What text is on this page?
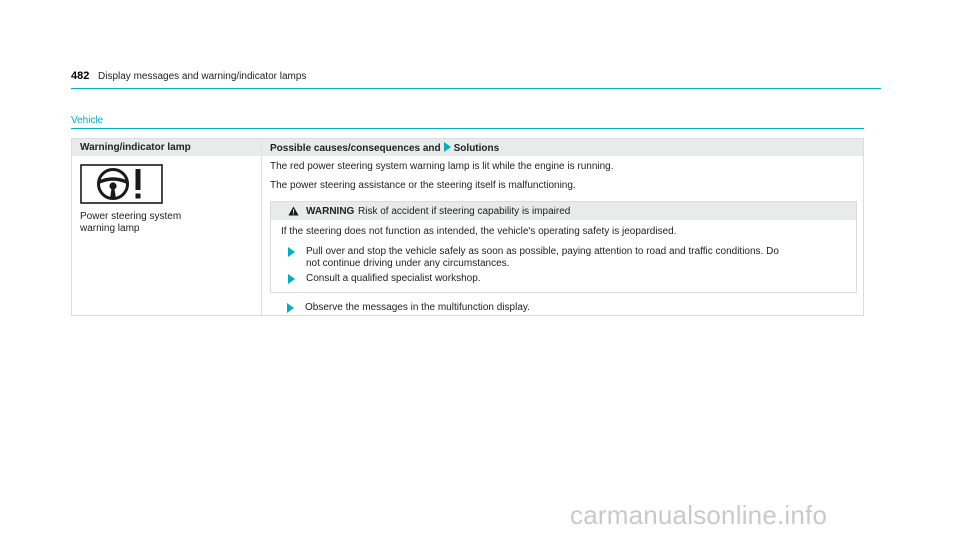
482 Display messages and warning/indicator lamps
Vehicle
Warning/indicator lamp	Possible causes/consequences and Solutions
Power steering system
warning lamp
The red power steering system warning lamp is lit while the engine is running.
The power steering assistance or the steering itself is malfunctioning.
WARNING Risk of accident if steering capability is impaired
If the steering does not function as intended, the vehicle's operating safety is jeopardised.
Pull over and stop the vehicle safely as soon as possible, paying attention to road and traffic conditions. Do
not continue driving under any circumstances.
Consult a qualified specialist workshop.
Observe the messages in the multifunction display.
carmanualsonline.info
